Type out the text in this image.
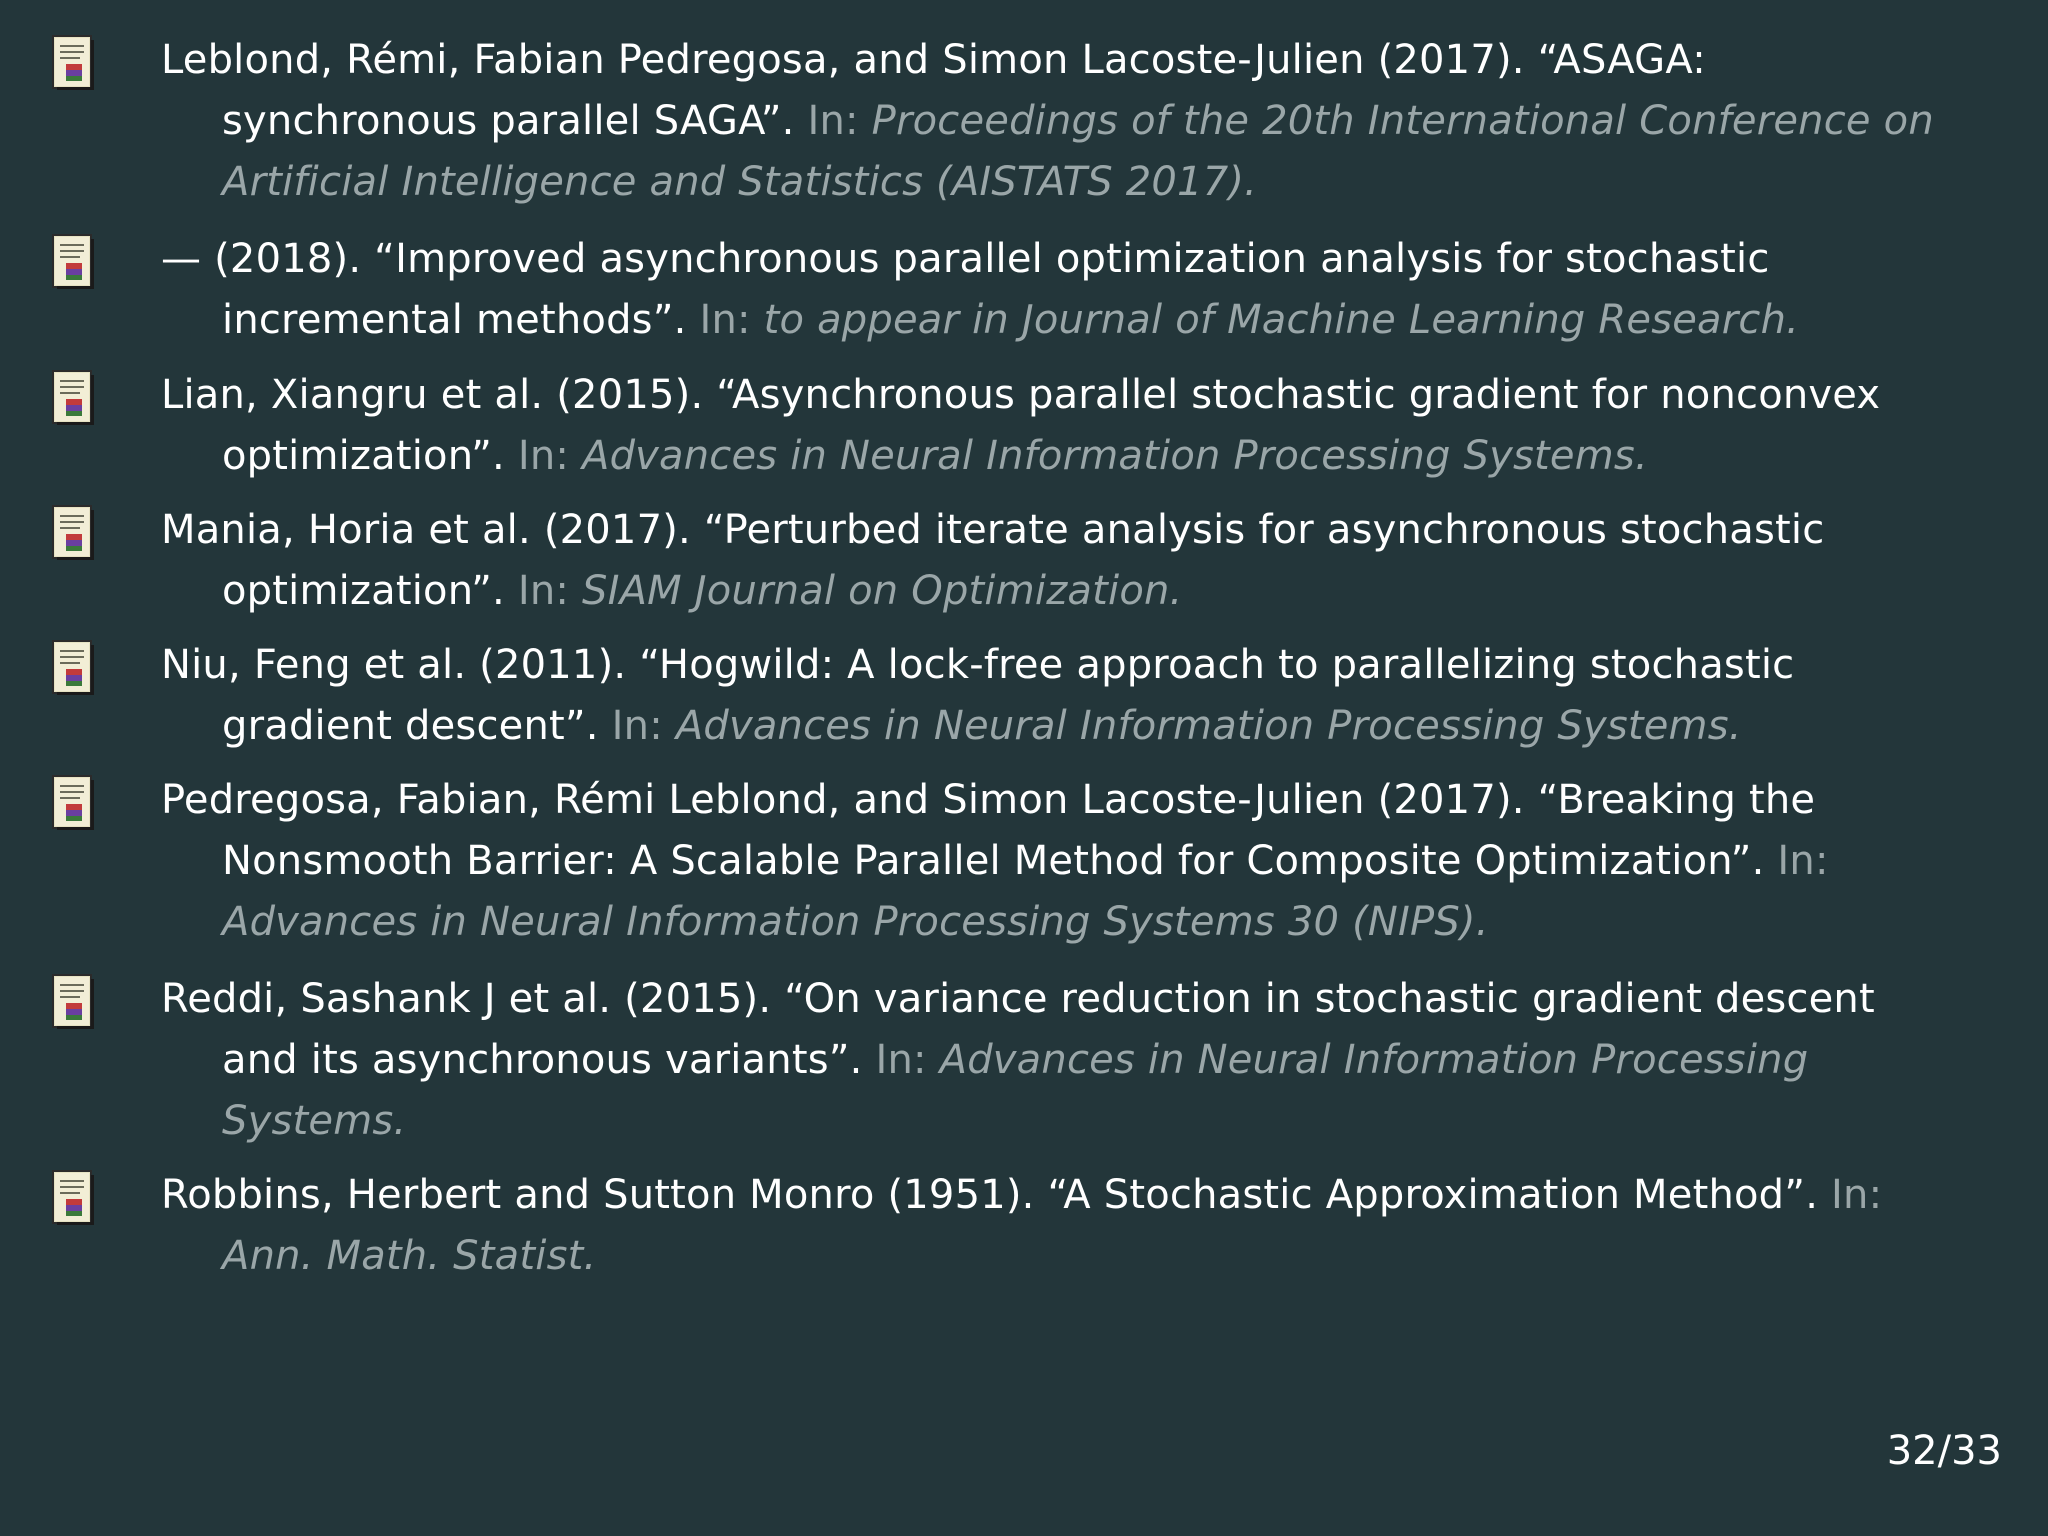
Leblond, Rémi, Fabian Pedregosa, and Simon Lacoste-Julien (2017). “ASAGA: synchronous parallel SAGA”. In: Proceedings of the 20th International Conference on Artificial Intelligence and Statistics (AISTATS 2017).
— (2018). “Improved asynchronous parallel optimization analysis for stochastic incremental methods”. In: to appear in Journal of Machine Learning Research.
Lian, Xiangru et al. (2015). “Asynchronous parallel stochastic gradient for nonconvex optimization”. In: Advances in Neural Information Processing Systems.
Mania, Horia et al. (2017). “Perturbed iterate analysis for asynchronous stochastic optimization”. In: SIAM Journal on Optimization.
Niu, Feng et al. (2011). “Hogwild: A lock-free approach to parallelizing stochastic gradient descent”. In: Advances in Neural Information Processing Systems.
Pedregosa, Fabian, Rémi Leblond, and Simon Lacoste-Julien (2017). “Breaking the Nonsmooth Barrier: A Scalable Parallel Method for Composite Optimization”. In: Advances in Neural Information Processing Systems 30 (NIPS).
Reddi, Sashank J et al. (2015). “On variance reduction in stochastic gradient descent and its asynchronous variants”. In: Advances in Neural Information Processing Systems.
Robbins, Herbert and Sutton Monro (1951). “A Stochastic Approximation Method”. In: Ann. Math. Statist.
32/33
